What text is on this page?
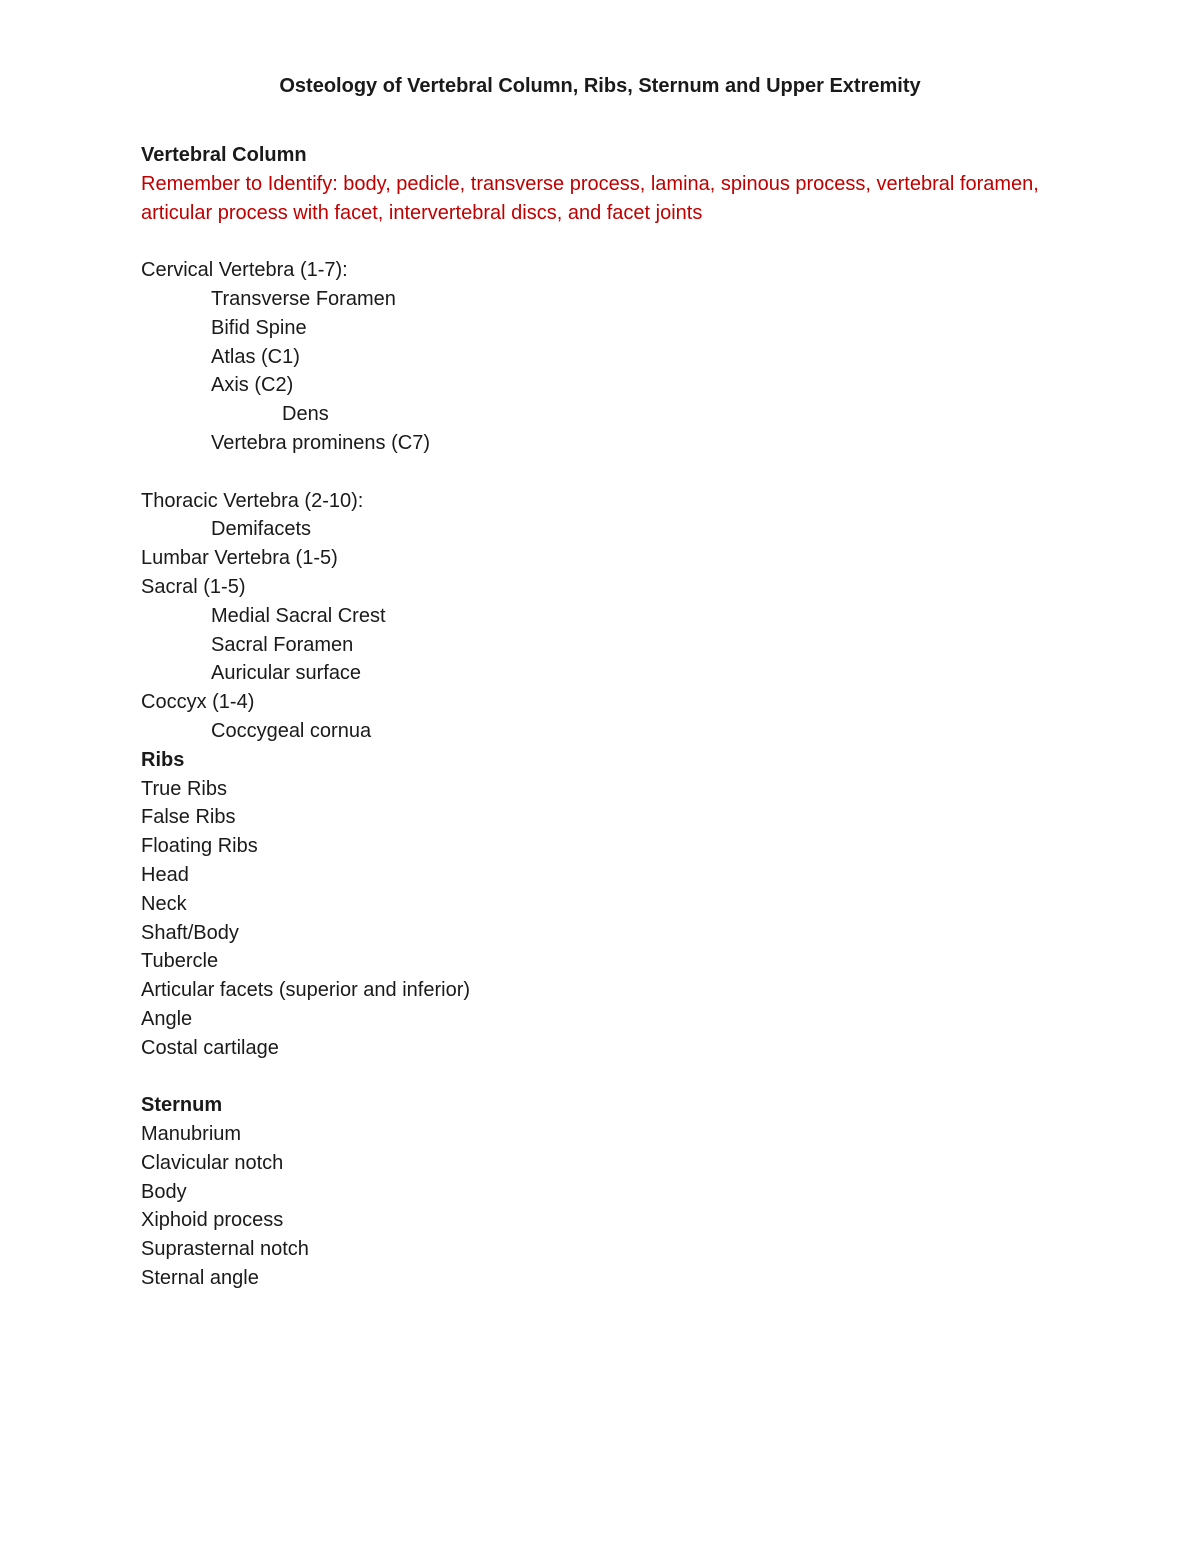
Osteology of Vertebral Column, Ribs, Sternum and Upper Extremity
Vertebral Column
Remember to Identify: body, pedicle, transverse process, lamina, spinous process, vertebral foramen, articular process with facet, intervertebral discs, and facet joints
Cervical Vertebra (1-7):
Transverse Foramen
Bifid Spine
Atlas (C1)
Axis (C2)
Dens
Vertebra prominens (C7)
Thoracic Vertebra (2-10):
Demifacets
Lumbar Vertebra (1-5)
Sacral (1-5)
Medial Sacral Crest
Sacral Foramen
Auricular surface
Coccyx (1-4)
Coccygeal cornua
Ribs
True Ribs
False Ribs
Floating Ribs
Head
Neck
Shaft/Body
Tubercle
Articular facets (superior and inferior)
Angle
Costal cartilage
Sternum
Manubrium
Clavicular notch
Body
Xiphoid process
Suprasternal notch
Sternal angle
